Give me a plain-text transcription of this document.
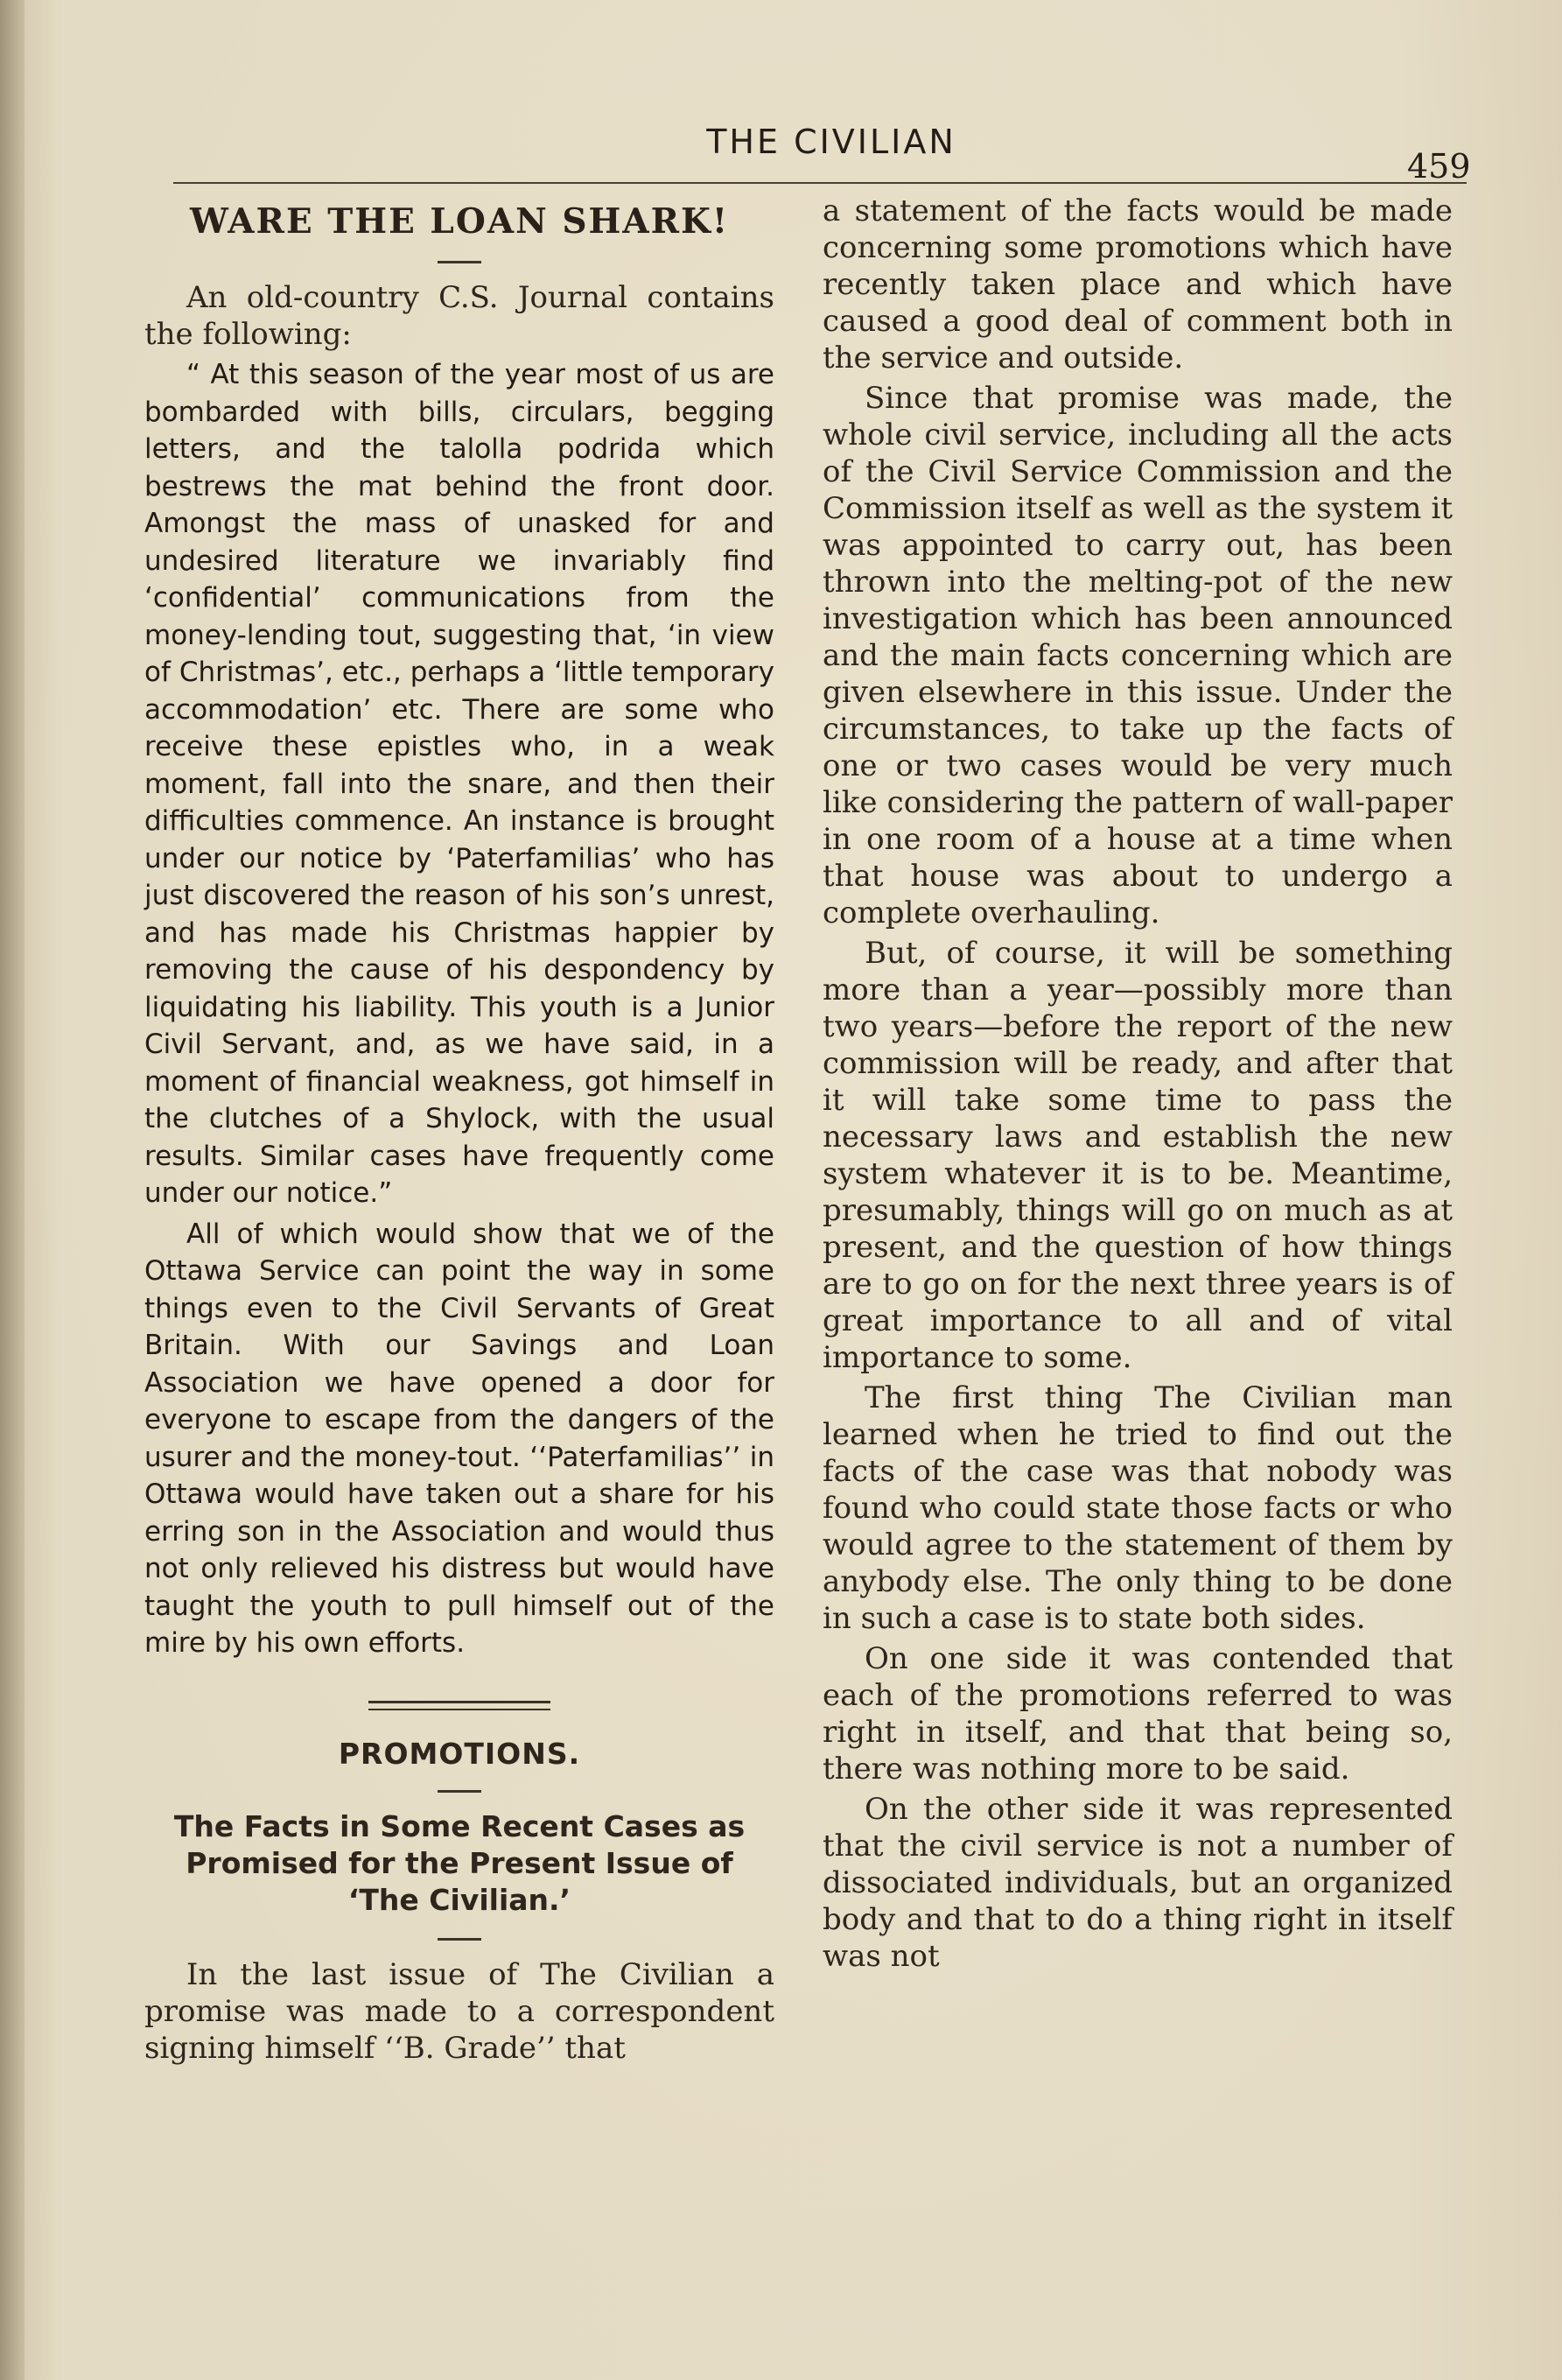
THE CIVILIAN
459
WARE THE LOAN SHARK!

An old-country C.S. Journal contains the following:

“ At this season of the year most of us are bombarded with bills, circulars, begging letters, and the talolla podrida which bestrews the mat behind the front door. Amongst the mass of unasked for and undesired literature we invariably find ‘confidential’ communications from the money-lending tout, suggesting that, ‘in view of Christmas’, etc., perhaps a ‘little temporary accommodation’ etc. There are some who receive these epistles who, in a weak moment, fall into the snare, and then their difficulties commence. An instance is brought under our notice by ‘Paterfamilias’ who has just discovered the reason of his son’s unrest, and has made his Christmas happier by removing the cause of his despondency by liquidating his liability. This youth is a Junior Civil Servant, and, as we have said, in a moment of financial weakness, got himself in the clutches of a Shylock, with the usual results. Similar cases have frequently come under our notice.”

All of which would show that we of the Ottawa Service can point the way in some things even to the Civil Servants of Great Britain. With our Savings and Loan Association we have opened a door for everyone to escape from the dangers of the usurer and the money-tout. ‘‘Paterfamilias’’ in Ottawa would have taken out a share for his erring son in the Association and would thus not only relieved his distress but would have taught the youth to pull himself out of the mire by his own efforts.

PROMOTIONS.

The Facts in Some Recent Cases as Promised for the Present Issue of ‘The Civilian.’

In the last issue of The Civilian a promise was made to a correspondent signing himself ‘‘B. Grade’’ that

a statement of the facts would be made concerning some promotions which have recently taken place and which have caused a good deal of comment both in the service and outside.

Since that promise was made, the whole civil service, including all the acts of the Civil Service Commission and the Commission itself as well as the system it was appointed to carry out, has been thrown into the melting-pot of the new investigation which has been announced and the main facts concerning which are given elsewhere in this issue. Under the circumstances, to take up the facts of one or two cases would be very much like considering the pattern of wall-paper in one room of a house at a time when that house was about to undergo a complete overhauling.

But, of course, it will be something more than a year—possibly more than two years—before the report of the new commission will be ready, and after that it will take some time to pass the necessary laws and establish the new system whatever it is to be. Meantime, presumably, things will go on much as at present, and the question of how things are to go on for the next three years is of great importance to all and of vital importance to some.

The first thing The Civilian man learned when he tried to find out the facts of the case was that nobody was found who could state those facts or who would agree to the statement of them by anybody else. The only thing to be done in such a case is to state both sides.

On one side it was contended that each of the promotions referred to was right in itself, and that that being so, there was nothing more to be said.

On the other side it was represented that the civil service is not a number of dissociated individuals, but an organized body and that to do a thing right in itself was not
